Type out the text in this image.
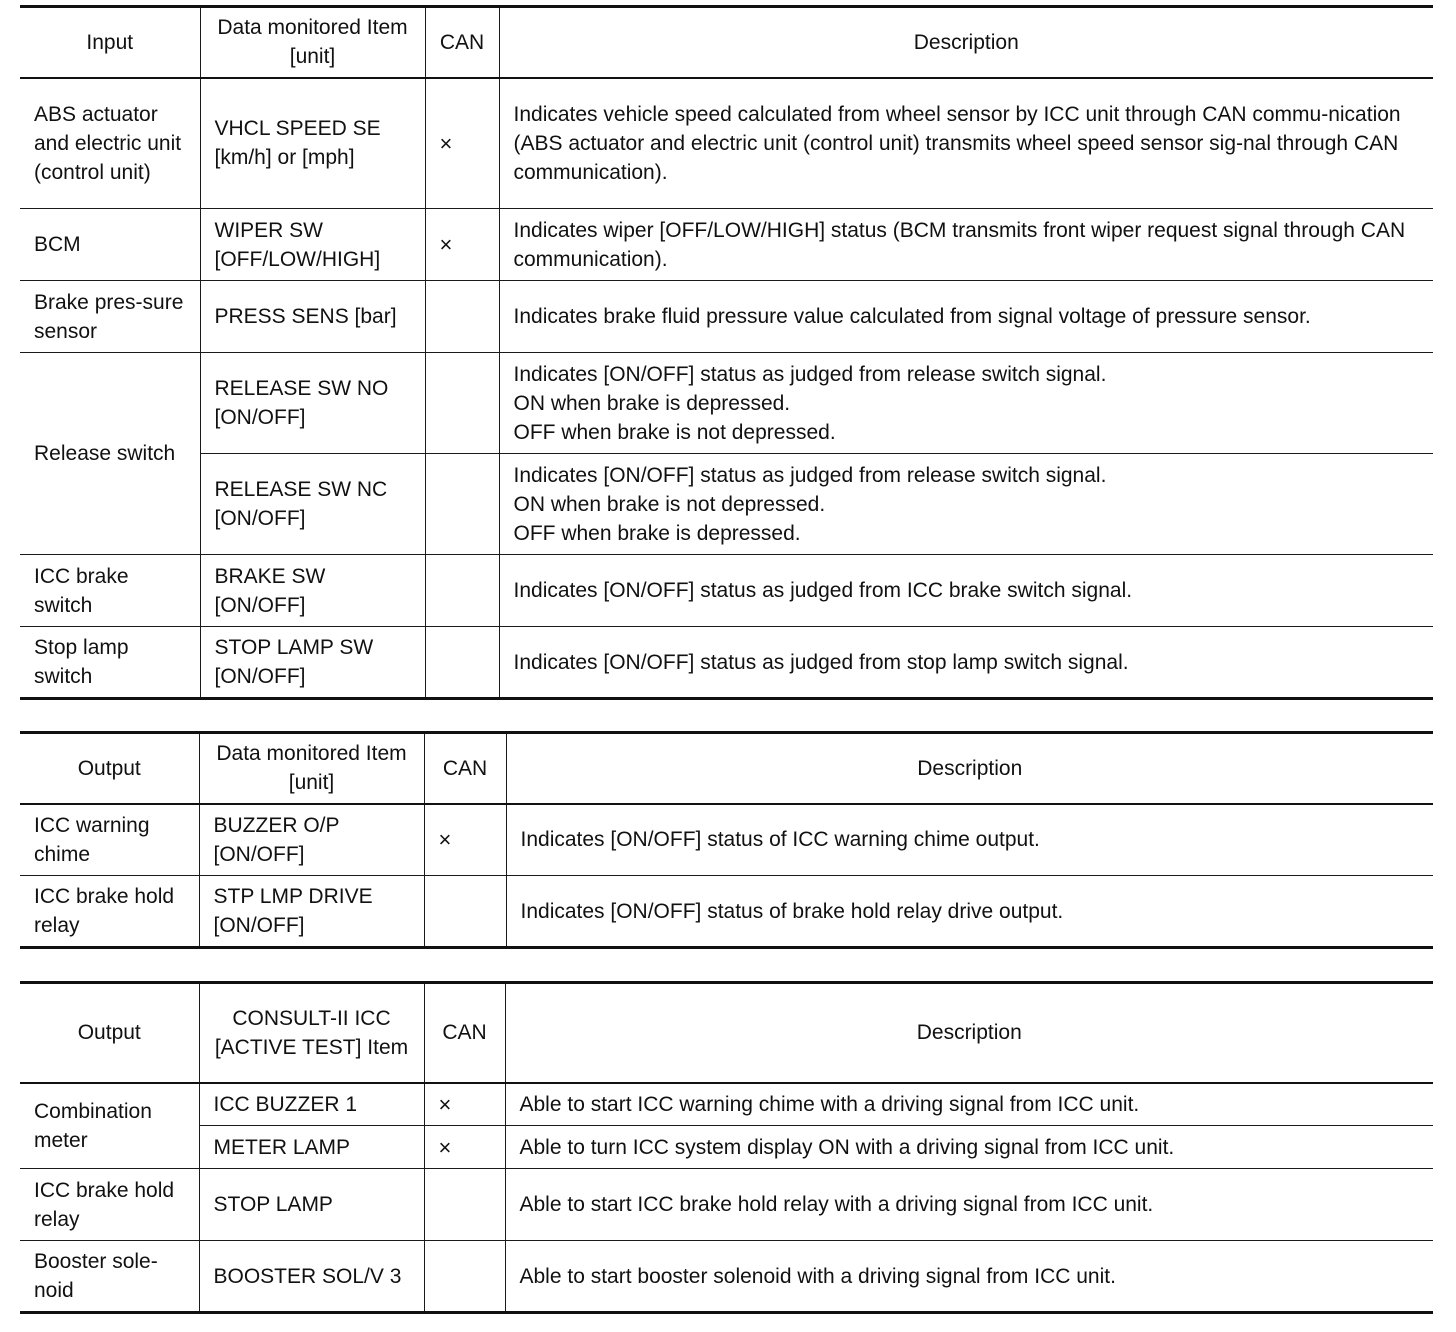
Input	Data monitored Item [unit]	CAN	Description
ABS actuator and electric unit (control unit)	VHCL SPEED SE [km/h] or [mph]	×	Indicates vehicle speed calculated from wheel sensor by ICC unit through CAN commu-nication (ABS actuator and electric unit (control unit) transmits wheel speed sensor sig-nal through CAN communication).

BCM	WIPER SW [OFF/LOW/HIGH]	×	Indicates wiper [OFF/LOW/HIGH] status (BCM transmits front wiper request signal through CAN communication).

Brake pres-sure sensor	PRESS SENS [bar]		Indicates brake fluid pressure value calculated from signal voltage of pressure sensor.

Release switch	RELEASE SW NO [ON/OFF]		Indicates [ON/OFF] status as judged from release switch signal.
ON when brake is depressed.
OFF when brake is not depressed.

	RELEASE SW NC [ON/OFF]		Indicates [ON/OFF] status as judged from release switch signal.
ON when brake is not depressed.
OFF when brake is depressed.

ICC brake switch	BRAKE SW [ON/OFF]		Indicates [ON/OFF] status as judged from ICC brake switch signal.

Stop lamp switch	STOP LAMP SW [ON/OFF]		Indicates [ON/OFF] status as judged from stop lamp switch signal.
Output	Data monitored Item [unit]	CAN	Description
ICC warning chime	BUZZER O/P [ON/OFF]	×	Indicates [ON/OFF] status of ICC warning chime output.

ICC brake hold relay	STP LMP DRIVE [ON/OFF]		Indicates [ON/OFF] status of brake hold relay drive output.
Output	CONSULT-II ICC [ACTIVE TEST] Item	CAN	Description
Combination meter	ICC BUZZER 1	×	Able to start ICC warning chime with a driving signal from ICC unit.

	METER LAMP	×	Able to turn ICC system display ON with a driving signal from ICC unit.

ICC brake hold relay	STOP LAMP		Able to start ICC brake hold relay with a driving signal from ICC unit.

Booster sole-noid	BOOSTER SOL/V 3		Able to start booster solenoid with a driving signal from ICC unit.
